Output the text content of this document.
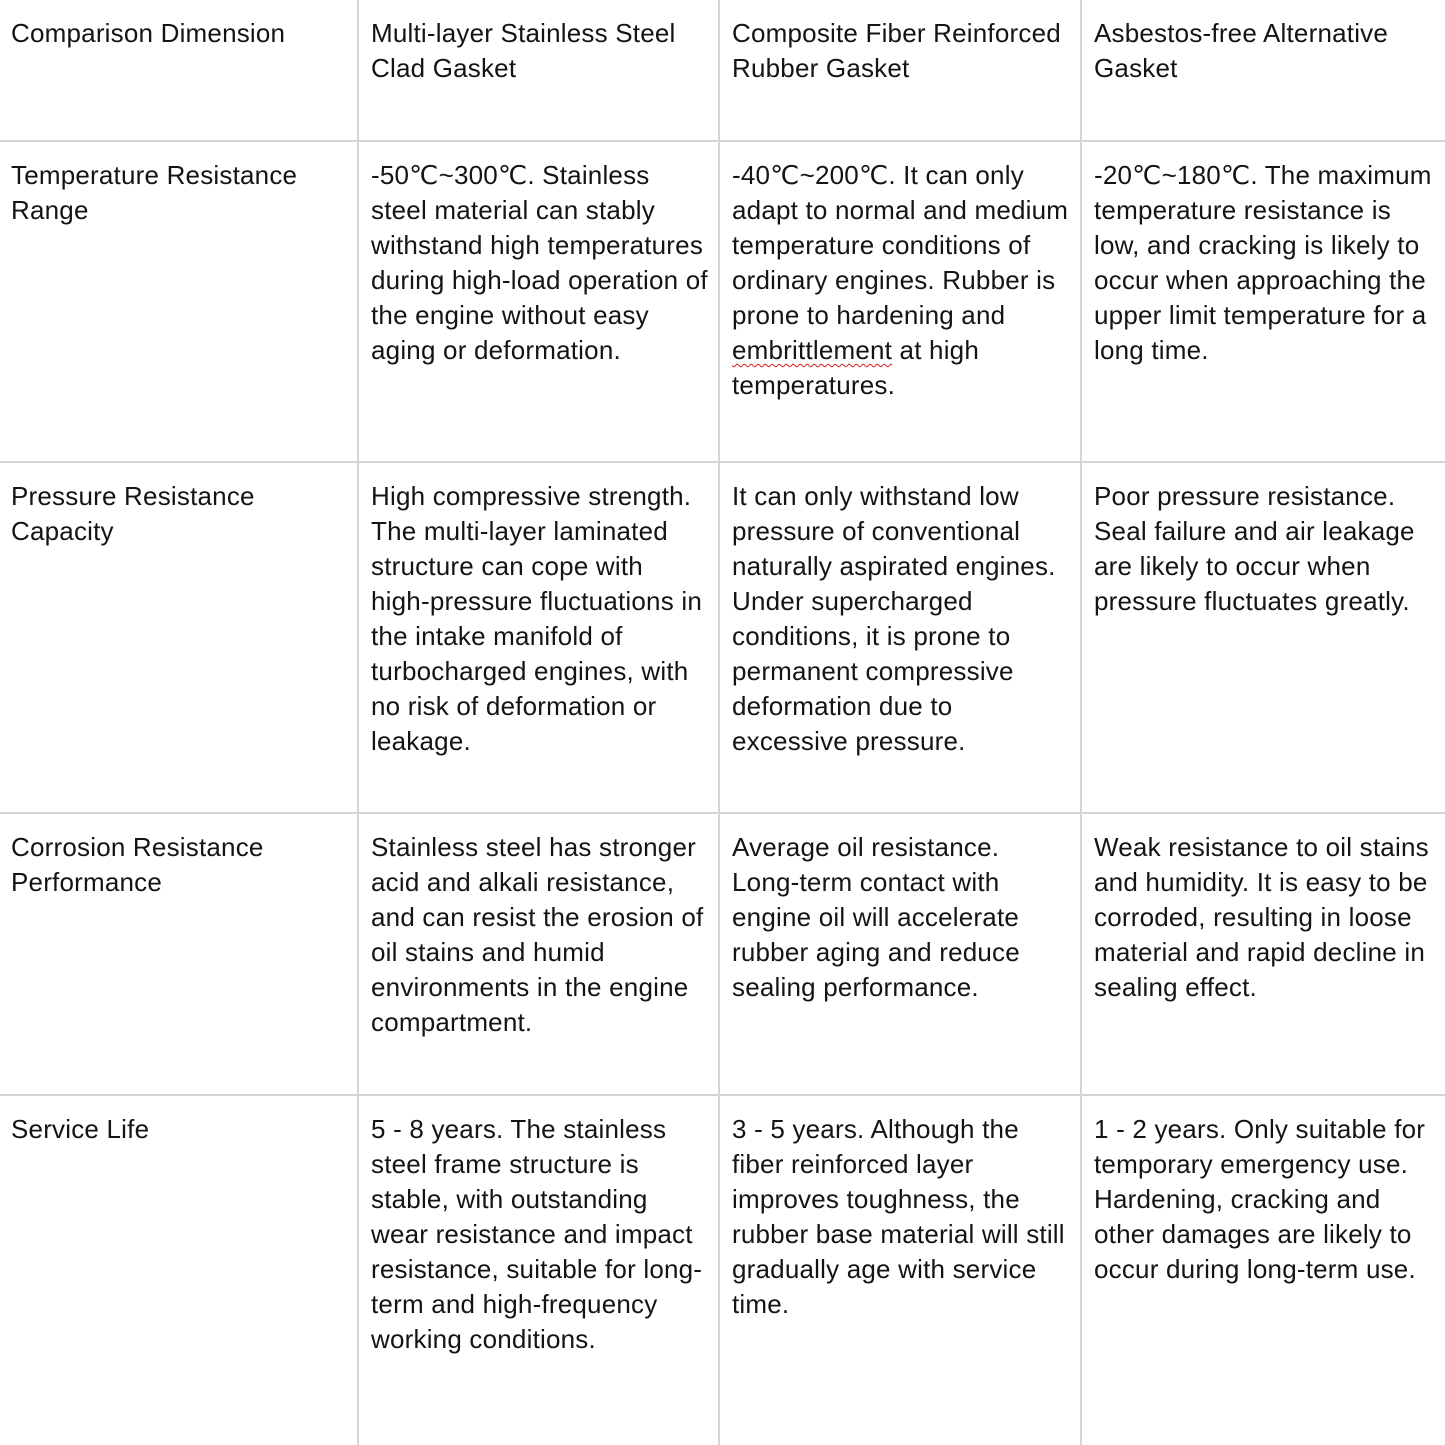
Comparison Dimension	Multi-layer Stainless Steel Clad Gasket	Composite Fiber Reinforced Rubber Gasket	Asbestos-free Alternative Gasket
Temperature Resistance Range	-50℃~300℃. Stainless steel material can stably withstand high temperatures during high-load operation of the engine without easy aging or deformation.	-40℃~200℃. It can only adapt to normal and medium temperature conditions of ordinary engines. Rubber is prone to hardening and embrittlement at high temperatures.	-20℃~180℃. The maximum temperature resistance is low, and cracking is likely to occur when approaching the upper limit temperature for a long time.
Pressure Resistance Capacity	High compressive strength. The multi-layer laminated structure can cope with high-pressure fluctuations in the intake manifold of turbocharged engines, with no risk of deformation or leakage.	It can only withstand low pressure of conventional naturally aspirated engines. Under supercharged conditions, it is prone to permanent compressive deformation due to excessive pressure.	Poor pressure resistance. Seal failure and air leakage are likely to occur when pressure fluctuates greatly.
Corrosion Resistance Performance	Stainless steel has stronger acid and alkali resistance, and can resist the erosion of oil stains and humid environments in the engine compartment.	Average oil resistance. Long-term contact with engine oil will accelerate rubber aging and reduce sealing performance.	Weak resistance to oil stains and humidity. It is easy to be corroded, resulting in loose material and rapid decline in sealing effect.
Service Life	5 - 8 years. The stainless steel frame structure is stable, with outstanding wear resistance and impact resistance, suitable for long-term and high-frequency working conditions.	3 - 5 years. Although the fiber reinforced layer improves toughness, the rubber base material will still gradually age with service time.	1 - 2 years. Only suitable for temporary emergency use. Hardening, cracking and other damages are likely to occur during long-term use.
